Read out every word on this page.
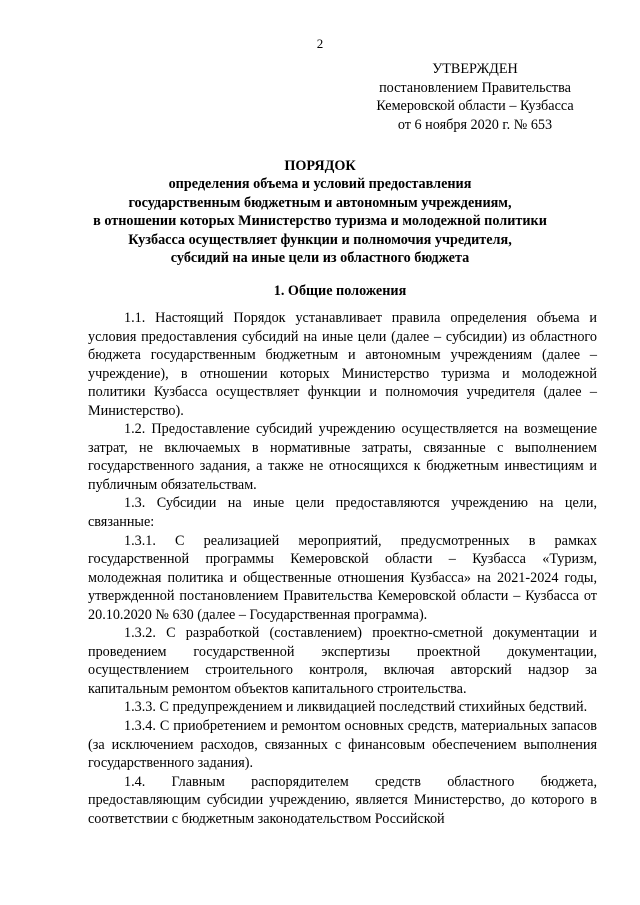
2
УТВЕРЖДЕН
постановлением Правительства
Кемеровской области – Кузбасса
от 6 ноября 2020 г. № 653
ПОРЯДОК
определения объема и условий предоставления
государственным бюджетным и автономным учреждениям,
в отношении которых Министерство туризма и молодежной политики
Кузбасса осуществляет функции и полномочия учредителя,
субсидий на иные цели из областного бюджета
1. Общие положения

1.1. Настоящий Порядок устанавливает правила определения объема и условия предоставления субсидий на иные цели (далее – субсидии) из областного бюджета государственным бюджетным и автономным учреждениям (далее – учреждение), в отношении которых Министерство туризма и молодежной политики Кузбасса осуществляет функции и полномочия учредителя (далее – Министерство).

1.2. Предоставление субсидий учреждению осуществляется на возмещение затрат, не включаемых в нормативные затраты, связанные с выполнением государственного задания, а также не относящихся к бюджетным инвестициям и публичным обязательствам.

1.3. Субсидии на иные цели предоставляются учреждению на цели, связанные:

1.3.1. С реализацией мероприятий, предусмотренных в рамках государственной программы Кемеровской области – Кузбасса «Туризм, молодежная политика и общественные отношения Кузбасса» на 2021-2024 годы, утвержденной постановлением Правительства Кемеровской области – Кузбасса от 20.10.2020 № 630 (далее – Государственная программа).

1.3.2. С разработкой (составлением) проектно-сметной документации и проведением государственной экспертизы проектной документации, осуществлением строительного контроля, включая авторский надзор за капитальным ремонтом объектов капитального строительства.

1.3.3. С предупреждением и ликвидацией последствий стихийных бедствий.

1.3.4. С приобретением и ремонтом основных средств, материальных запасов (за исключением расходов, связанных с финансовым обеспечением выполнения государственного задания).

1.4. Главным распорядителем средств областного бюджета, предоставляющим субсидии учреждению, является Министерство, до которого в соответствии с бюджетным законодательством Российской
